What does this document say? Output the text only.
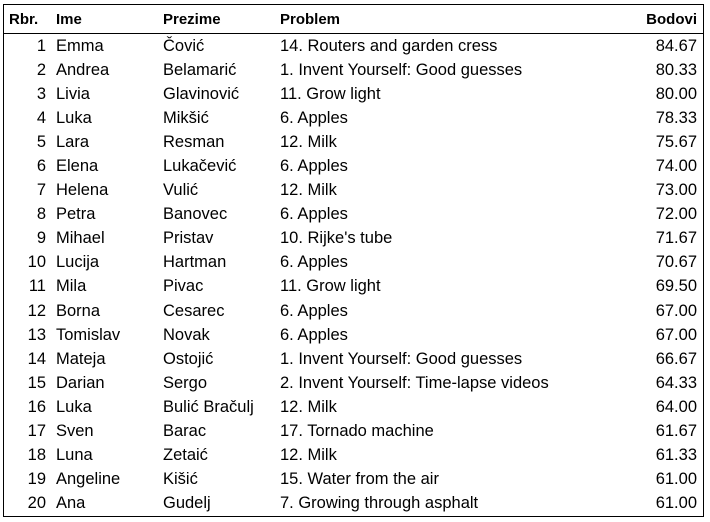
Rbr.	Ime	Prezime	Problem	Bodovi
1	Emma	Čović	14. Routers and garden cress	84.67
2	Andrea	Belamarić	1. Invent Yourself: Good guesses	80.33
3	Livia	Glavinović	11. Grow light	80.00
4	Luka	Mikšić	6. Apples	78.33
5	Lara	Resman	12. Milk	75.67
6	Elena	Lukačević	6. Apples	74.00
7	Helena	Vulić	12. Milk	73.00
8	Petra	Banovec	6. Apples	72.00
9	Mihael	Pristav	10. Rijke's tube	71.67
10	Lucija	Hartman	6. Apples	70.67
11	Mila	Pivac	11. Grow light	69.50
12	Borna	Cesarec	6. Apples	67.00
13	Tomislav	Novak	6. Apples	67.00
14	Mateja	Ostojić	1. Invent Yourself: Good guesses	66.67
15	Darian	Sergo	2. Invent Yourself: Time-lapse videos	64.33
16	Luka	Bulić Bračulj	12. Milk	64.00
17	Sven	Barac	17. Tornado machine	61.67
18	Luna	Zetaić	12. Milk	61.33
19	Angeline	Kišić	15. Water from the air	61.00
20	Ana	Gudelj	7. Growing through asphalt	61.00
